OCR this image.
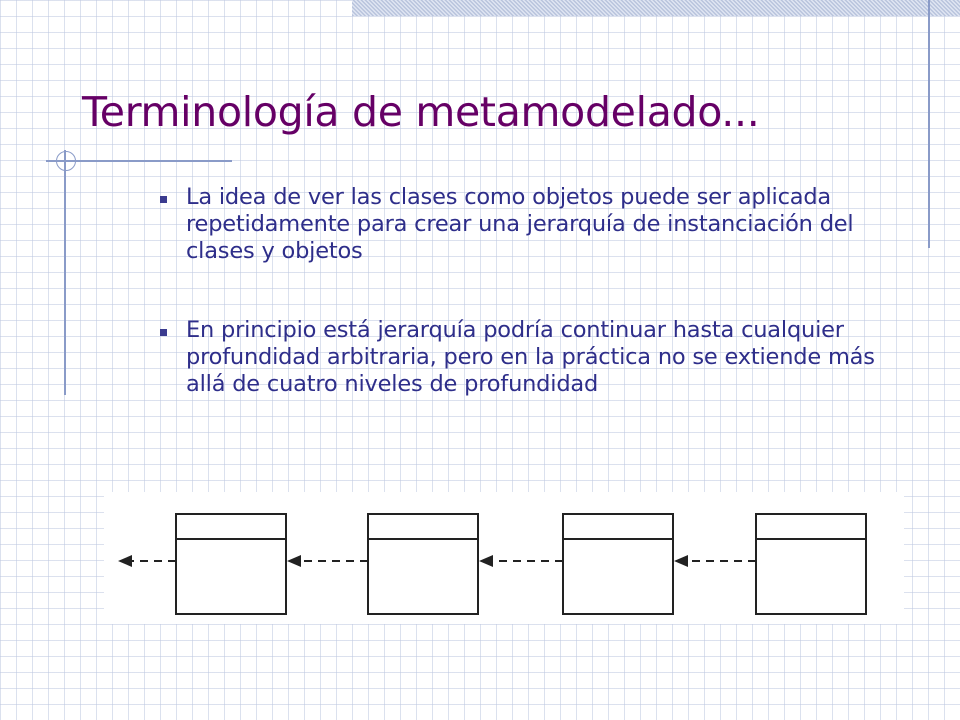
Terminología de metamodelado...
La idea de ver las clases como objetos puede ser aplicada repetidamente para crear una jerarquía de instanciación del clases y objetos
En principio está jerarquía podría continuar hasta cualquier profundidad arbitraria, pero en la práctica no se extiende más allá de cuatro niveles de profundidad
